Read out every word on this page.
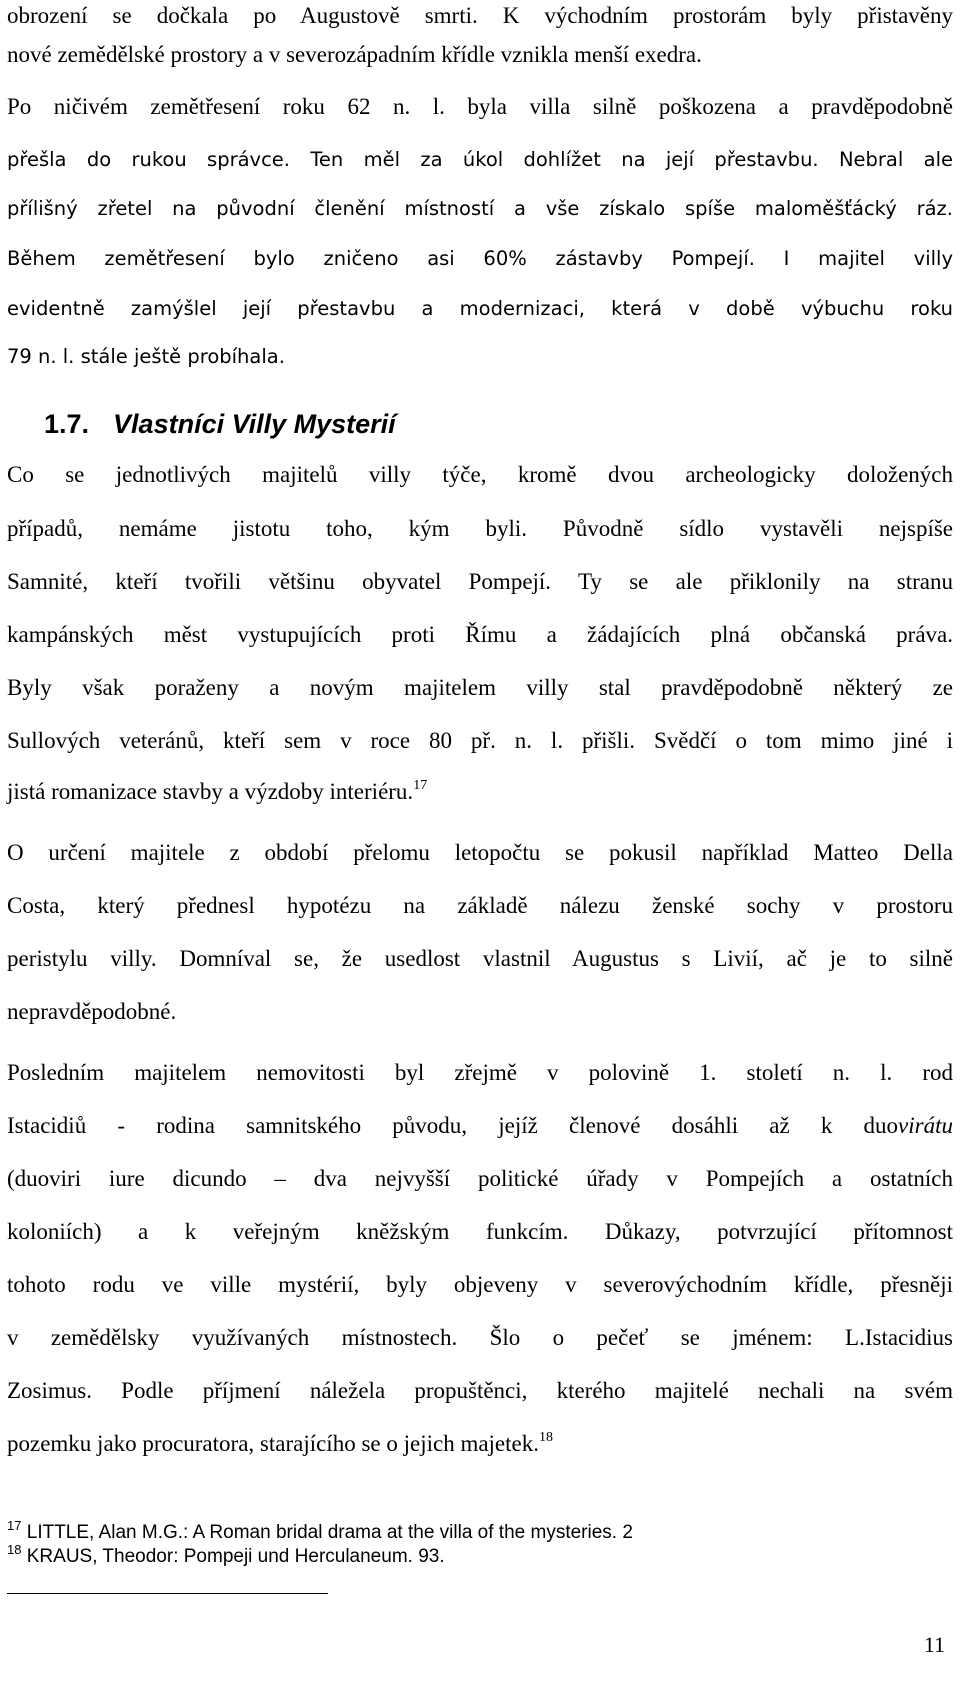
obrození se dočkala po Augustově smrti. K východním prostorám byly přistavěny
nové zemědělské prostory a v severozápadním křídle vznikla menší exedra.
Po ničivém zemětřesení roku 62 n. l. byla villa silně poškozena a pravděpodobně
přešla do rukou správce. Ten měl za úkol dohlížet na její přestavbu. Nebral ale
přílišný zřetel na původní členění místností a vše získalo spíše maloměšťácký ráz.
Během zemětřesení bylo zničeno asi 60% zástavby Pompejí. I majitel villy
evidentně zamýšlel její přestavbu a modernizaci, která v době výbuchu roku
79 n. l. stále ještě probíhala.
1.7. Vlastníci Villy Mysterií
Co se jednotlivých majitelů villy týče, kromě dvou archeologicky doložených
případů, nemáme jistotu toho, kým byli. Původně sídlo vystavěli nejspíše
Samnité, kteří tvořili většinu obyvatel Pompejí. Ty se ale přiklonily na stranu
kampánských měst vystupujících proti Římu a žádajících plná občanská práva.
Byly však poraženy a novým majitelem villy stal pravděpodobně některý ze
Sullových veteránů, kteří sem v roce 80 př. n. l. přišli. Svědčí o tom mimo jiné i
jistá romanizace stavby a výzdoby interiéru.$^{17}$
O určení majitele z období přelomu letopočtu se pokusil například Matteo Della
Costa, který přednesl hypotézu na základě nálezu ženské sochy v prostoru
peristylu villy. Domníval se, že usedlost vlastnil Augustus s Livií, ač je to silně
nepravděpodobné.
Posledním majitelem nemovitosti byl zřejmě v polovině 1. století n. l. rod
Istacidiů - rodina samnitského původu, jejíž členové dosáhli až k duovirátu
(duoviri iure dicundo – dva nejvyšší politické úřady v Pompejích a ostatních
koloniích) a k veřejným kněžským funkcím. Důkazy, potvrzující přítomnost
tohoto rodu ve ville mystérií, byly objeveny v severovýchodním křídle, přesněji
v zemědělsky využívaných místnostech. Šlo o pečeť se jménem: L.Istacidius
Zosimus. Podle příjmení náležela propuštěnci, kterého majitelé nechali na svém
pozemku jako procuratora, starajícího se o jejich majetek.$^{18}$
$^{17}$ LITTLE, Alan M.G.: A Roman bridal drama at the villa of the mysteries. 2
$^{18}$ KRAUS, Theodor: Pompeji und Herculaneum. 93.
11
